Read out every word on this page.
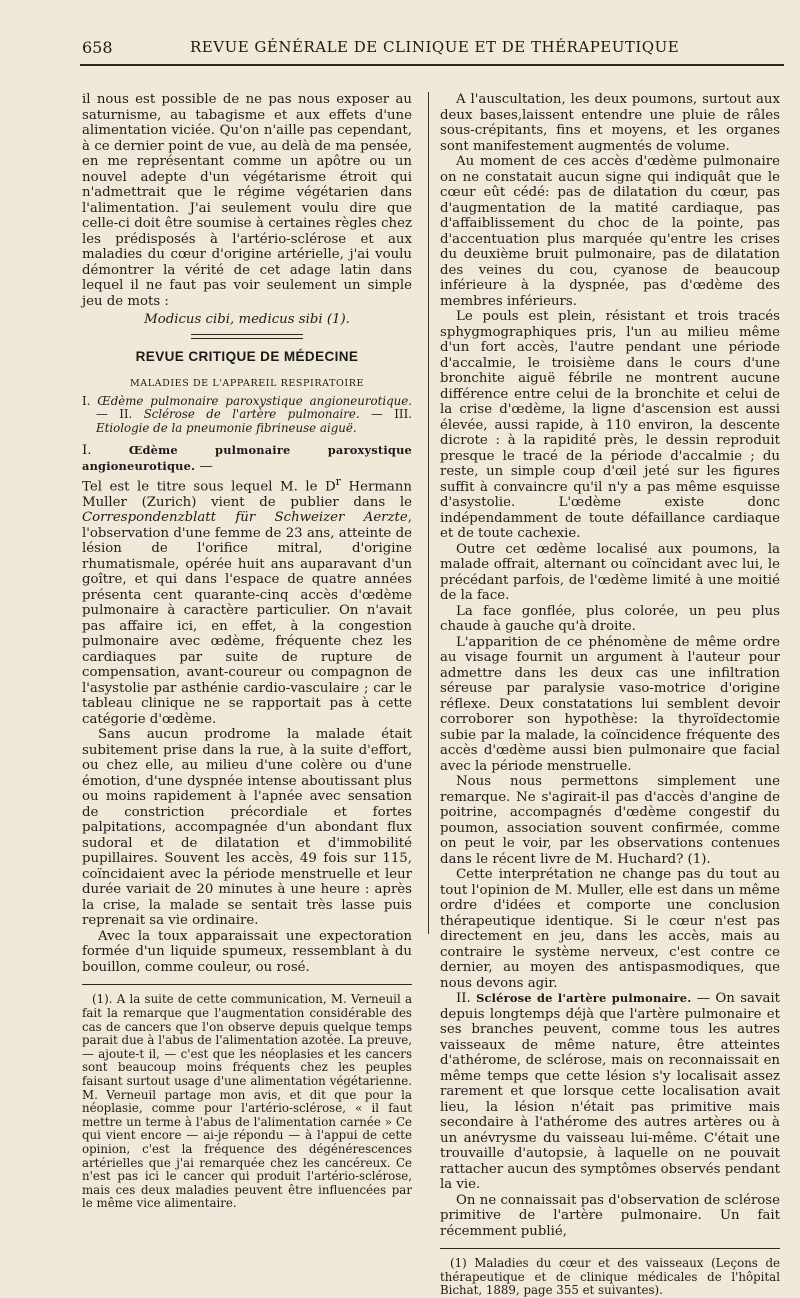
658	REVUE GÉNÉRALE DE CLINIQUE ET DE THÉRAPEUTIQUE

il nous est possible de ne pas nous exposer au saturnisme, au tabagisme et aux effets d'une alimentation viciée. Qu'on n'aille pas cependant, à ce dernier point de vue, au delà de ma pensée, en me représentant comme un apôtre ou un nouvel adepte d'un végétarisme étroit qui n'admettrait que le régime végétarien dans l'alimentation. J'ai seulement voulu dire que celle-ci doit être soumise à certaines règles chez les prédisposés à l'artério-sclérose et aux maladies du cœur d'origine artérielle, j'ai voulu démontrer la vérité de cet adage latin dans lequel il ne faut pas voir seulement un simple jeu de mots :

Modicus cibi, medicus sibi (1).

REVUE CRITIQUE DE MÉDECINE
MALADIES DE L'APPAREIL RESPIRATOIRE

I. Œdème pulmonaire paroxystique angioneurotique. — II. Sclérose de l'artère pulmonaire. — III. Etiologie de la pneumonie fibrineuse aiguë.

I.	Œdème pulmonaire paroxystique angioneurotique. —

Tel est le titre sous lequel M. le $D^r$ Hermann Muller (Zurich) vient de publier dans le Correspondenzblatt für Schweizer Aerzte, l'observation d'une femme de 23 ans, atteinte de lésion de l'orifice mitral, d'origine rhumatismale, opérée huit ans auparavant d'un goître, et qui dans l'espace de quatre années présenta cent quarante-cinq accès d'œdème pulmonaire à caractère particulier. On n'avait pas affaire ici, en effet, à la congestion pulmonaire avec œdème, fréquente chez les cardiaques par suite de rupture de compensation, avant-coureur ou compagnon de l'asystolie par asthénie cardio-vasculaire ; car le tableau clinique ne se rapportait pas à cette catégorie d'œdème.

Sans aucun prodrome la malade était subitement prise dans la rue, à la suite d'effort, ou chez elle, au milieu d'une colère ou d'une émotion, d'une dyspnée intense aboutissant plus ou moins rapidement à l'apnée avec sensation de constriction précordiale et fortes palpitations, accompagnée d'un abondant flux sudoral et de dilatation et d'immobilité pupillaires. Souvent les accès, 49 fois sur 115, coïncidaient avec la période menstruelle et leur durée variait de 20 minutes à une heure : après la crise, la malade se sentait très lasse puis reprenait sa vie ordinaire.

Avec la toux apparaissait une expectoration formée d'un liquide spumeux, ressemblant à du bouillon, comme couleur, ou rosé.

(1). A la suite de cette communication, M. Verneuil a fait la remarque que l'augmentation considérable des cas de cancers que l'on observe depuis quelque temps parait due à l'abus de l'alimentation azotée. La preuve, — ajoute-t il, — c'est que les néoplasies et les cancers sont beaucoup moins fréquents chez les peuples faisant surtout usage d'une alimentation végétarienne. M. Verneuil partage mon avis, et dit que pour la néoplasie, comme pour l'artério-sclérose, « il faut mettre un terme à l'abus de l'alimentation carnée » Ce qui vient encore — ai-je répondu — à l'appui de cette opinion, c'est la fréquence des dégénérescences artérielles que j'ai remarquée chez les cancéreux. Ce n'est pas ici le cancer qui produit l'artério-sclérose, mais ces deux maladies peuvent être influencées par le même vice alimentaire.

A l'auscultation, les deux poumons, surtout aux deux bases,laissent entendre une pluie de râles sous-crépitants, fins et moyens, et les organes sont manifestement augmentés de volume.

Au moment de ces accès d'œdème pulmonaire on ne constatait aucun signe qui indiquât que le cœur eût cédé: pas de dilatation du cœur, pas d'augmentation de la matité cardiaque, pas d'affaiblissement du choc de la pointe, pas d'accentuation plus marquée qu'entre les crises du deuxième bruit pulmonaire, pas de dilatation des veines du cou, cyanose de beaucoup inférieure à la dyspnée, pas d'œdème des membres inférieurs.

Le pouls est plein, résistant et trois tracés sphygmographiques pris, l'un au milieu même d'un fort accès, l'autre pendant une période d'accalmie, le troisième dans le cours d'une bronchite aiguë fébrile ne montrent aucune différence entre celui de la bronchite et celui de la crise d'œdème, la ligne d'ascension est aussi élevée, aussi rapide, à 110 environ, la descente dicrote : à la rapidité près, le dessin reproduit presque le tracé de la période d'accalmie ; du reste, un simple coup d'œil jeté sur les figures suffit à convaincre qu'il n'y a pas même esquisse d'asystolie. L'œdème existe donc indépendamment de toute défaillance cardiaque et de toute cachexie.

Outre cet œdème localisé aux poumons, la malade offrait, alternant ou coïncidant avec lui, le précédant parfois, de l'œdème limité à une moitié de la face.

La face gonflée, plus colorée, un peu plus chaude à gauche qu'à droite.

L'apparition de ce phénomène de même ordre au visage fournit un argument à l'auteur pour admettre dans les deux cas une infiltration séreuse par paralysie vaso-motrice d'origine réflexe. Deux constatations lui semblent devoir corroborer son hypothèse: la thyroïdectomie subie par la malade, la coïncidence fréquente des accès d'œdème aussi bien pulmonaire que facial avec la période menstruelle.

Nous nous permettons simplement une remarque. Ne s'agirait-il pas d'accès d'angine de poitrine, accompagnés d'œdème congestif du poumon, association souvent confirmée, comme on peut le voir, par les observations contenues dans le récent livre de M. Huchard? (1).

Cette interprétation ne change pas du tout au tout l'opinion de M. Muller, elle est dans un même ordre d'idées et comporte une conclusion thérapeutique identique. Si le cœur n'est pas directement en jeu, dans les accès, mais au contraire le système nerveux, c'est contre ce dernier, au moyen des antispasmodiques, que nous devons agir.

II. Sclérose de l'artère pulmonaire. — On savait depuis longtemps déjà que l'artère pulmonaire et ses branches peuvent, comme tous les autres vaisseaux de même nature, être atteintes d'athérome, de sclérose, mais on reconnaissait en même temps que cette lésion s'y localisait assez rarement et que lorsque cette localisation avait lieu, la lésion n'était pas primitive mais secondaire à l'athérome des autres artères ou à un anévrysme du vaisseau lui-même. C'était une trouvaille d'autopsie, à laquelle on ne pouvait rattacher aucun des symptômes observés pendant la vie.

On ne connaissait pas d'observation de sclérose primitive de l'artère pulmonaire. Un fait récemment publié,

(1) Maladies du cœur et des vaisseaux (Leçons de thérapeutique et de clinique médicales de l'hôpital Bichat, 1889, page 355 et suivantes).
